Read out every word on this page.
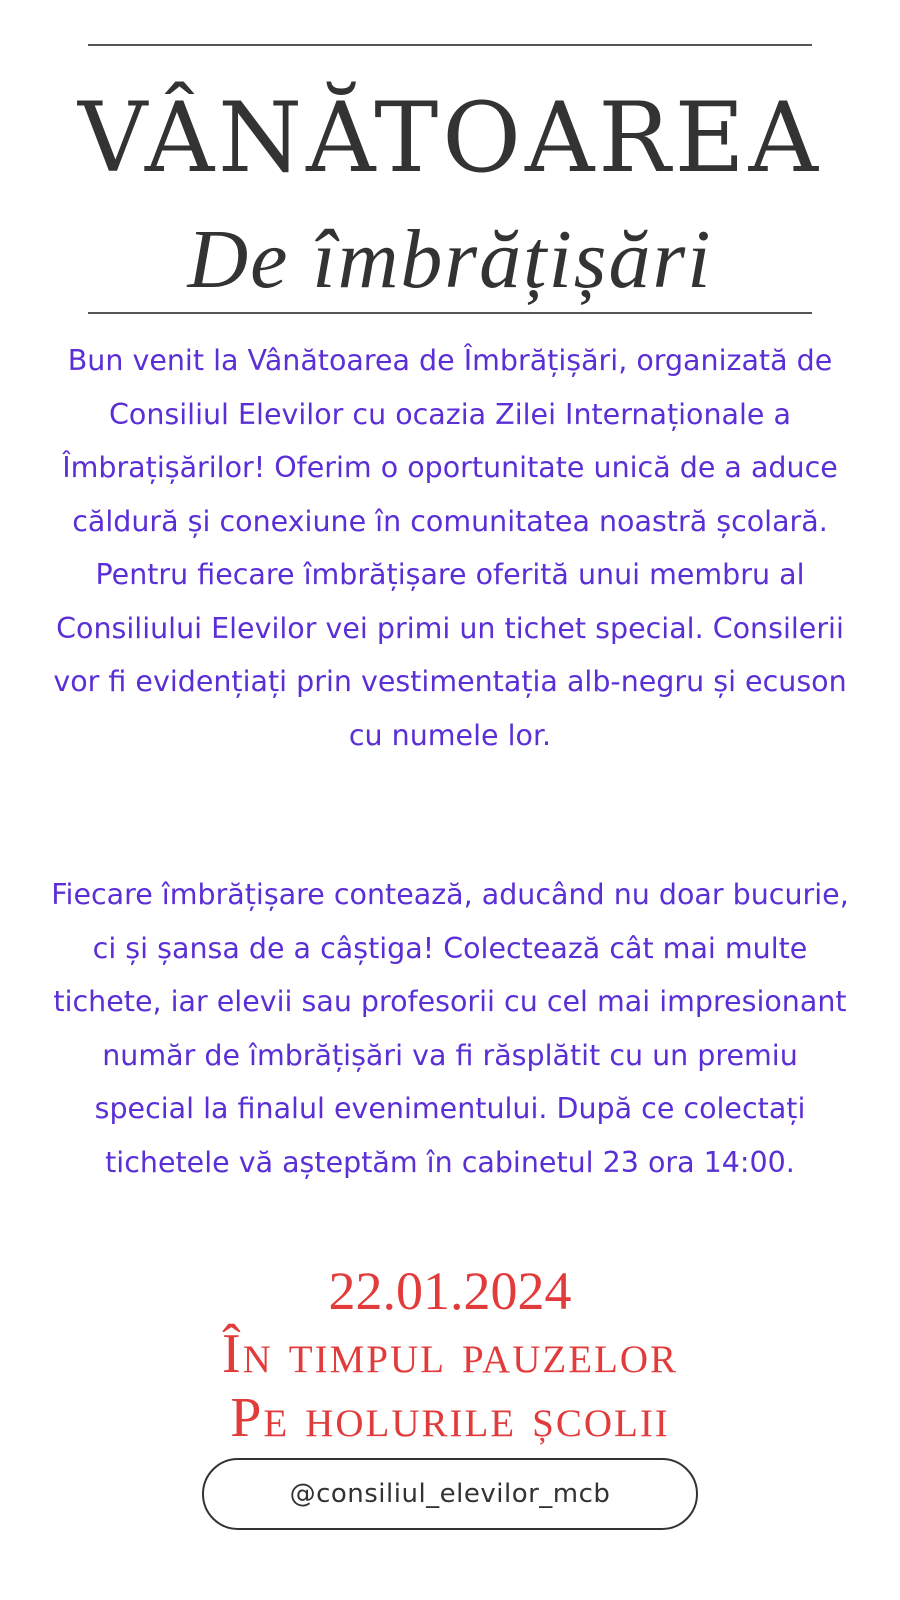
VÂNĂTOAREA
De îmbrățișări

Bun venit la Vânătoarea de Îmbrățișări, organizată de Consiliul Elevilor cu ocazia Zilei Internaționale a Îmbrațișărilor! Oferim o oportunitate unică de a aduce căldură și conexiune în comunitatea noastră școlară. Pentru fiecare îmbrățișare oferită unui membru al Consiliului Elevilor vei primi un tichet special. Consilerii vor fi evidențiați prin vestimentația alb-negru și ecuson cu numele lor.

Fiecare îmbrățișare contează, aducând nu doar bucurie, ci și șansa de a câștiga! Colectează cât mai multe tichete, iar elevii sau profesorii cu cel mai impresionant număr de îmbrățișări va fi răsplătit cu un premiu special la finalul evenimentului. După ce colectați tichetele vă așteptăm în cabinetul 23 ora 14:00.

22.01.2024
În timpul pauzelor
Pe holurile școlii
@consiliul_elevilor_mcb
